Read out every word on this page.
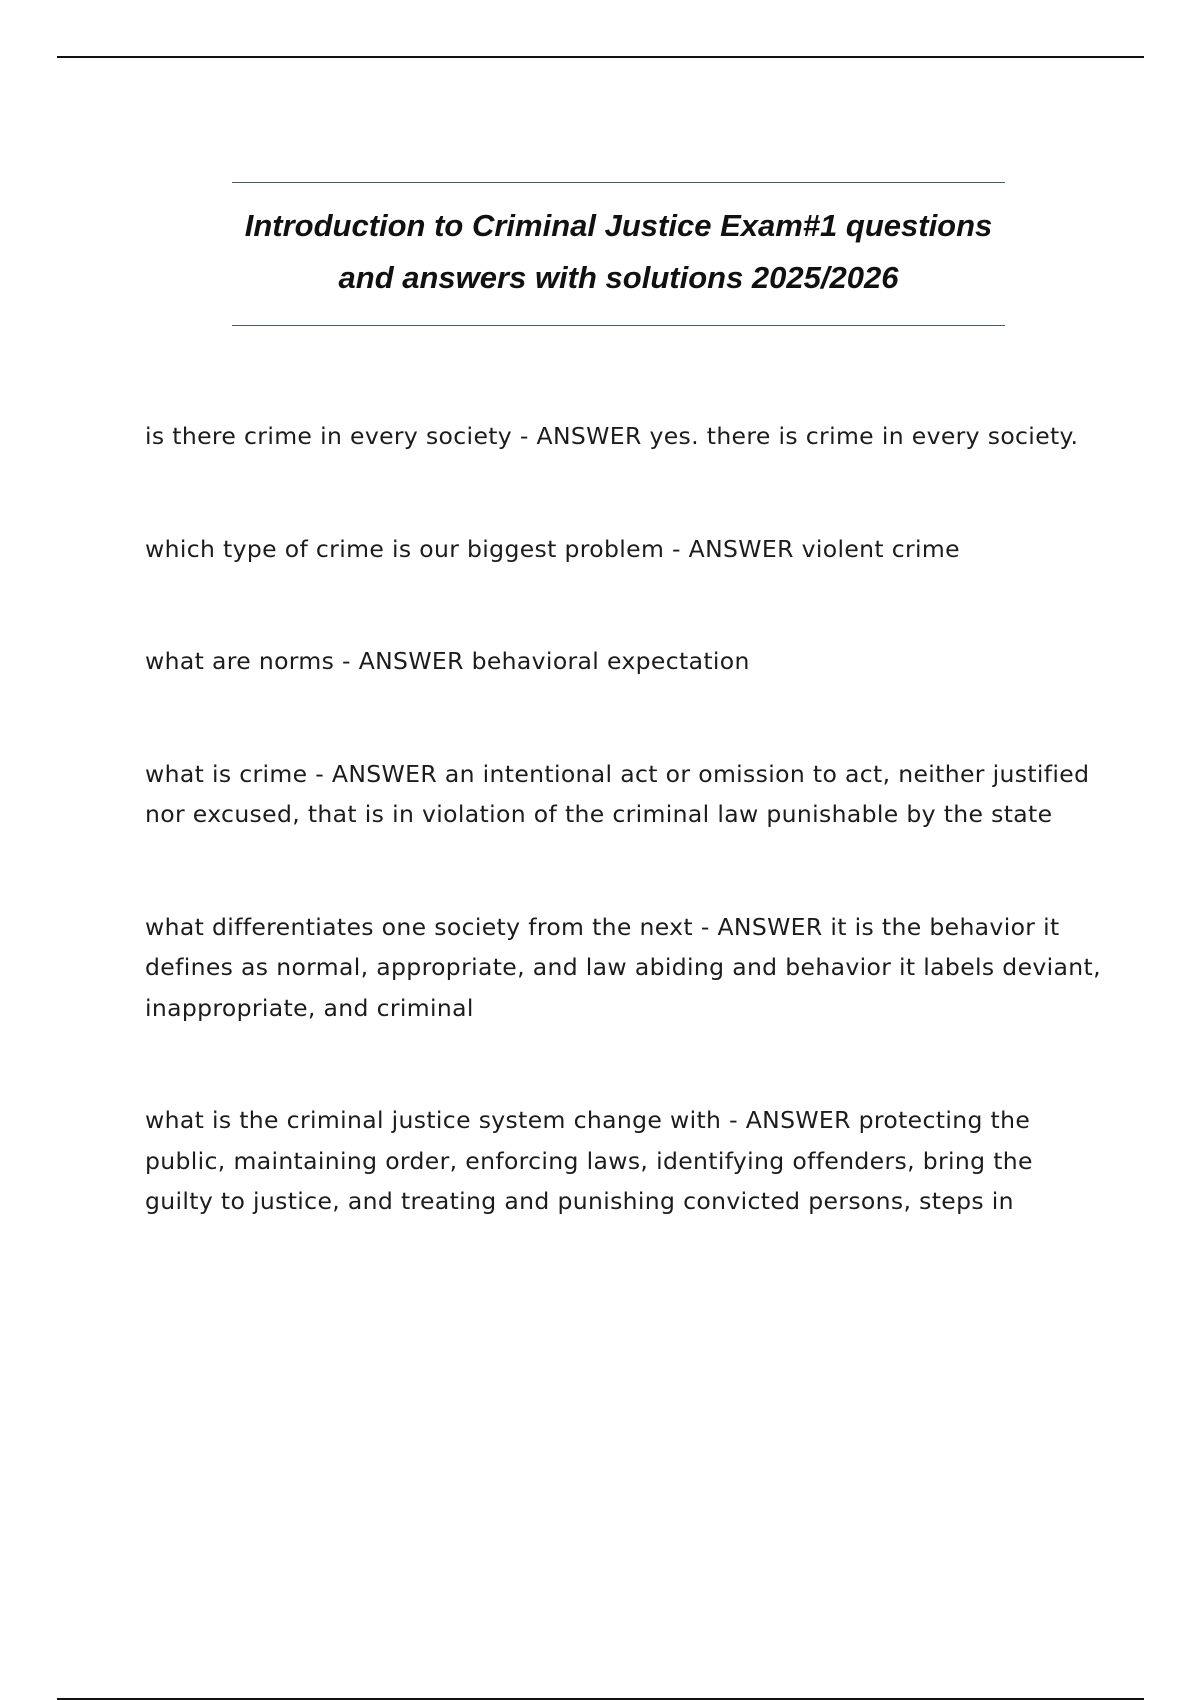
Introduction to Criminal Justice Exam#1 questions and answers with solutions 2025/2026
is there crime in every society - ANSWER yes. there is crime in every society.
which type of crime is our biggest problem - ANSWER violent crime
what are norms - ANSWER behavioral expectation
what is crime - ANSWER an intentional act or omission to act, neither justified nor excused, that is in violation of the criminal law punishable by the state
what differentiates one society from the next - ANSWER it is the behavior it defines as normal, appropriate, and law abiding and behavior it labels deviant, inappropriate, and criminal
what is the criminal justice system change with - ANSWER protecting the public, maintaining order, enforcing laws, identifying offenders, bring the guilty to justice, and treating and punishing convicted persons, steps in
